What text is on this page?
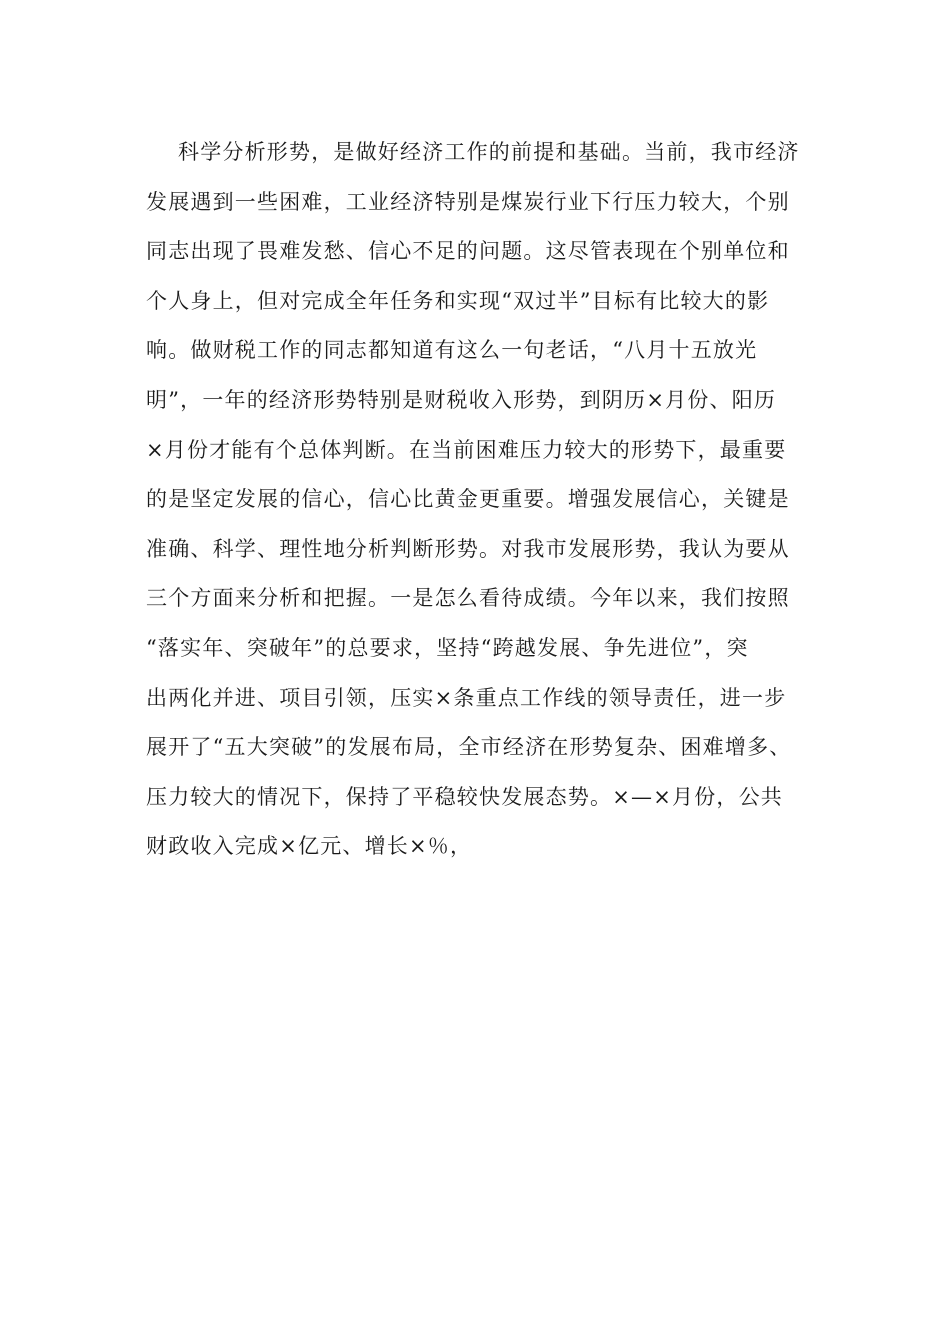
科学分析形势，是做好经济工作的前提和基础。当前，我市经济
发展遇到一些困难，工业经济特别是煤炭行业下行压力较大，个别
同志出现了畏难发愁、信心不足的问题。这尽管表现在个别单位和
个人身上，但对完成全年任务和实现“双过半”目标有比较大的影
响。做财税工作的同志都知道有这么一句老话，“八月十五放光
明”，一年的经济形势特别是财税收入形势，到阴历×月份、阳历
×月份才能有个总体判断。在当前困难压力较大的形势下，最重要
的是坚定发展的信心，信心比黄金更重要。增强发展信心，关键是
准确、科学、理性地分析判断形势。对我市发展形势，我认为要从
三个方面来分析和把握。一是怎么看待成绩。今年以来，我们按照
“落实年、突破年”的总要求，坚持“跨越发展、争先进位”，突
出两化并进、项目引领，压实×条重点工作线的领导责任，进一步
展开了“五大突破”的发展布局，全市经济在形势复杂、困难增多、
压力较大的情况下，保持了平稳较快发展态势。×—×月份，公共
财政收入完成×亿元、增长×％，
